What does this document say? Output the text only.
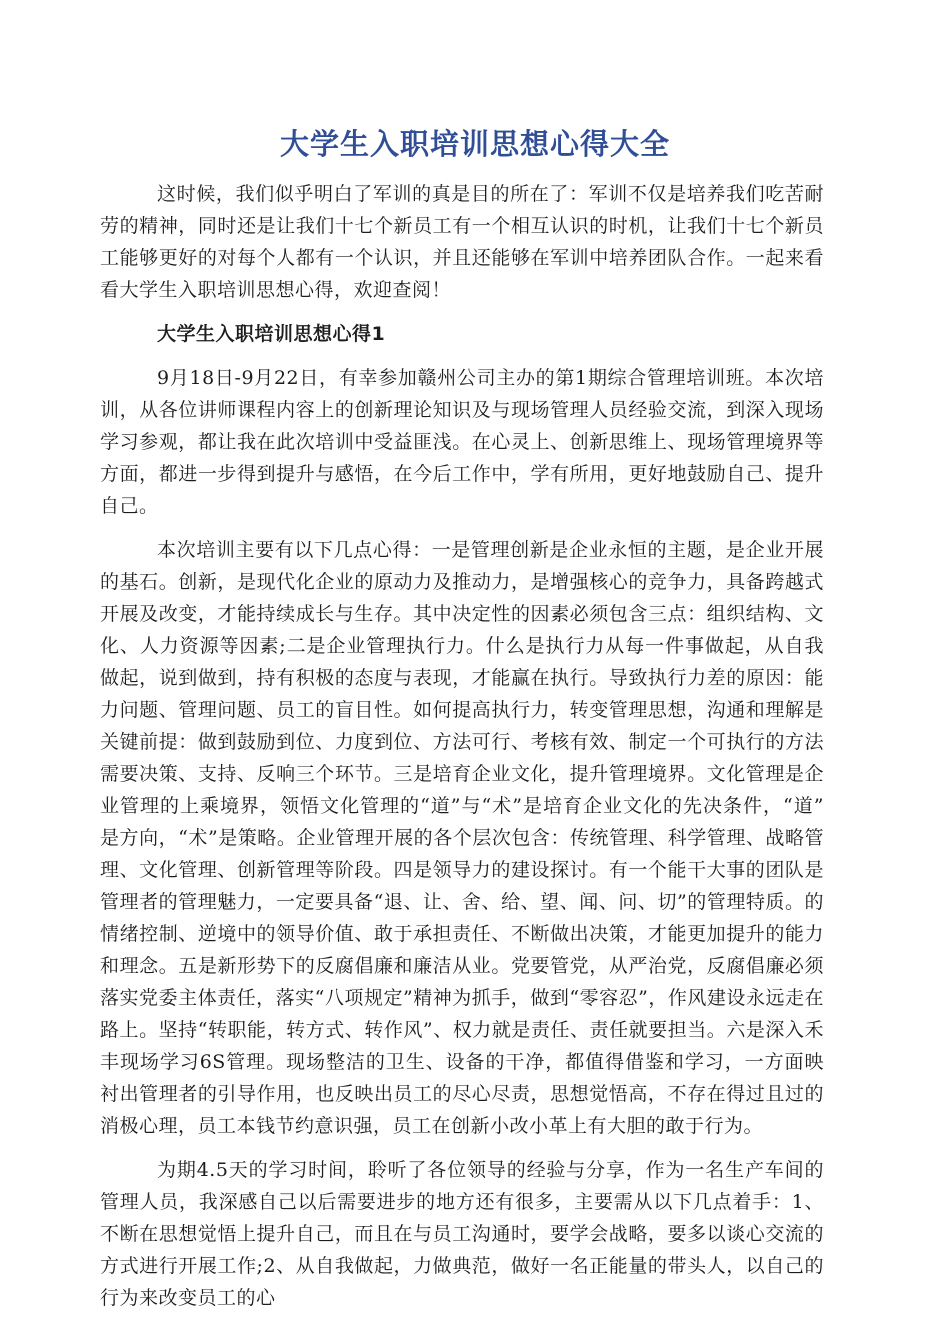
大学生入职培训思想心得大全

这时候，我们似乎明白了军训的真是目的所在了：军训不仅是培养我们吃苦耐劳的精神，同时还是让我们十七个新员工有一个相互认识的时机，让我们十七个新员工能够更好的对每个人都有一个认识，并且还能够在军训中培养团队合作。一起来看看大学生入职培训思想心得，欢迎查阅！

大学生入职培训思想心得1

9月18日-9月22日，有幸参加赣州公司主办的第1期综合管理培训班。本次培训，从各位讲师课程内容上的创新理论知识及与现场管理人员经验交流，到深入现场学习参观，都让我在此次培训中受益匪浅。在心灵上、创新思维上、现场管理境界等方面，都进一步得到提升与感悟，在今后工作中，学有所用，更好地鼓励自己、提升自己。

本次培训主要有以下几点心得：一是管理创新是企业永恒的主题，是企业开展的基石。创新，是现代化企业的原动力及推动力，是增强核心的竞争力，具备跨越式开展及改变，才能持续成长与生存。其中决定性的因素必须包含三点：组织结构、文化、人力资源等因素;二是企业管理执行力。什么是执行力从每一件事做起，从自我做起，说到做到，持有积极的态度与表现，才能赢在执行。导致执行力差的原因：能力问题、管理问题、员工的盲目性。如何提高执行力，转变管理思想，沟通和理解是关键前提：做到鼓励到位、力度到位、方法可行、考核有效、制定一个可执行的方法需要决策、支持、反响三个环节。三是培育企业文化，提升管理境界。文化管理是企业管理的上乘境界，领悟文化管理的“道”与“术”是培育企业文化的先决条件，“道”是方向，“术”是策略。企业管理开展的各个层次包含：传统管理、科学管理、战略管理、文化管理、创新管理等阶段。四是领导力的建设探讨。有一个能干大事的团队是管理者的管理魅力，一定要具备“退、让、舍、给、望、闻、问、切”的管理特质。的情绪控制、逆境中的领导价值、敢于承担责任、不断做出决策，才能更加提升的能力和理念。五是新形势下的反腐倡廉和廉洁从业。党要管党，从严治党，反腐倡廉必须落实党委主体责任，落实“八项规定”精神为抓手，做到“零容忍”，作风建设永远走在路上。坚持“转职能，转方式、转作风”、权力就是责任、责任就要担当。六是深入禾丰现场学习6S管理。现场整洁的卫生、设备的干净，都值得借鉴和学习，一方面映衬出管理者的引导作用，也反映出员工的尽心尽责，思想觉悟高，不存在得过且过的消极心理，员工本钱节约意识强，员工在创新小改小革上有大胆的敢于行为。

为期4.5天的学习时间，聆听了各位领导的经验与分享，作为一名生产车间的管理人员，我深感自己以后需要进步的地方还有很多，主要需从以下几点着手：1、不断在思想觉悟上提升自己，而且在与员工沟通时，要学会战略，要多以谈心交流的方式进行开展工作;2、从自我做起，力做典范，做好一名正能量的带头人，以自己的行为来改变员工的心
